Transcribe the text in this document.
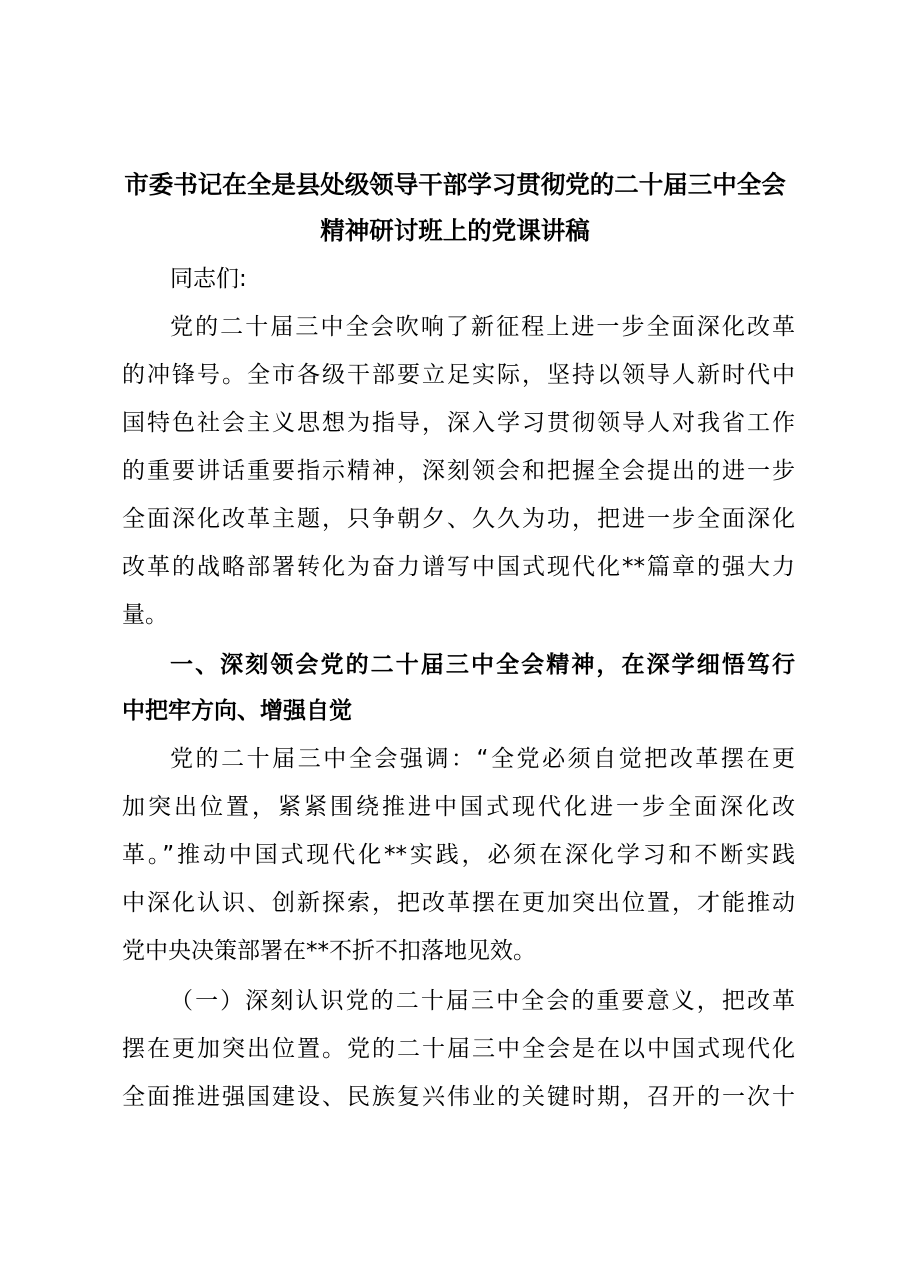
市委书记在全是县处级领导干部学习贯彻党的二十届三中全会
精神研讨班上的党课讲稿
同志们:
党的二十届三中全会吹响了新征程上进一步全面深化改革
的冲锋号。全市各级干部要立足实际，坚持以领导人新时代中
国特色社会主义思想为指导，深入学习贯彻领导人对我省工作
的重要讲话重要指示精神，深刻领会和把握全会提出的进一步
全面深化改革主题，只争朝夕、久久为功，把进一步全面深化
改革的战略部署转化为奋力谱写中国式现代化**篇章的强大力
量。
一、深刻领会党的二十届三中全会精神，在深学细悟笃行
中把牢方向、增强自觉
党的二十届三中全会强调：“全党必须自觉把改革摆在更
加突出位置，紧紧围绕推进中国式现代化进一步全面深化改
革。”推动中国式现代化**实践，必须在深化学习和不断实践
中深化认识、创新探索，把改革摆在更加突出位置，才能推动
党中央决策部署在**不折不扣落地见效。
（一）深刻认识党的二十届三中全会的重要意义，把改革
摆在更加突出位置。党的二十届三中全会是在以中国式现代化
全面推进强国建设、民族复兴伟业的关键时期，召开的一次十
